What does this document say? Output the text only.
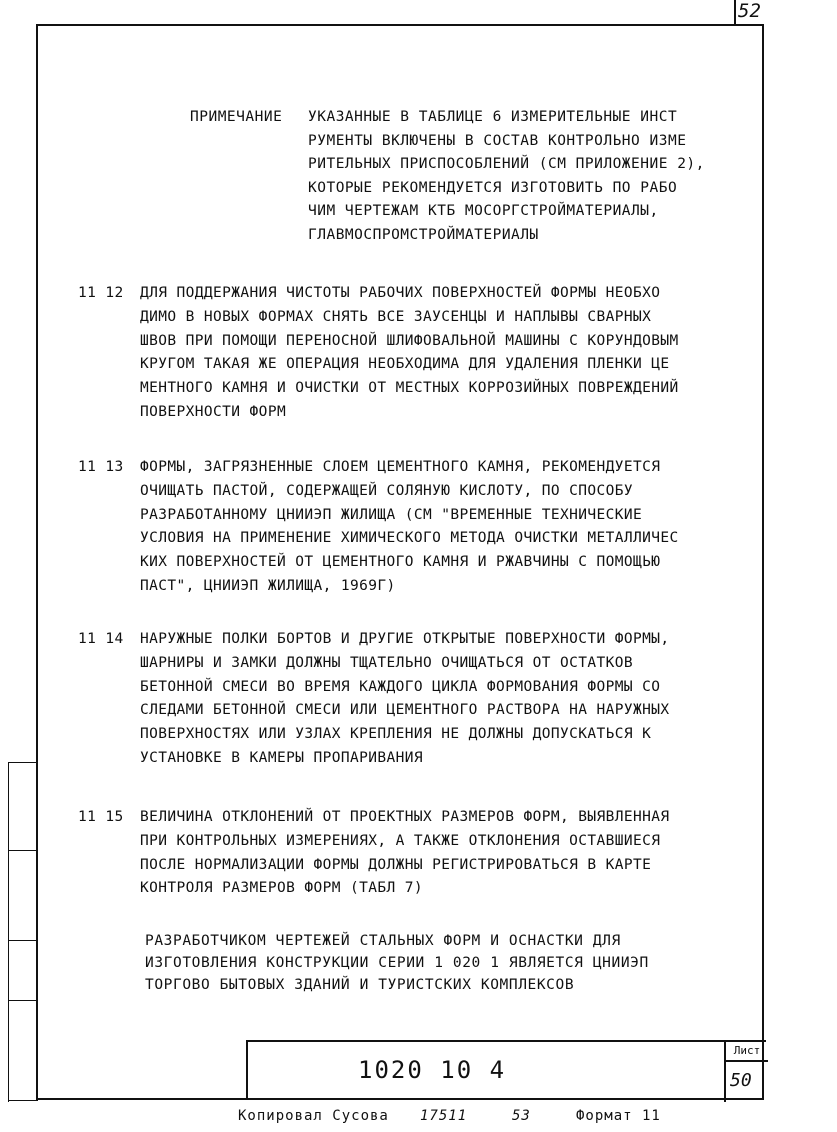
52
ПРИМЕЧАНИЕ УКАЗАННЫЕ В ТАБЛИЦЕ 6 ИЗМЕРИТЕЛЬНЫЕ ИНСТ
РУМЕНТЫ ВКЛЮЧЕНЫ В СОСТАВ КОНТРОЛЬНО ИЗМЕ
РИТЕЛЬНЫХ ПРИСПОСОБЛЕНИЙ (СМ ПРИЛОЖЕНИЕ 2),
КОТОРЫЕ РЕКОМЕНДУЕТСЯ ИЗГОТОВИТЬ ПО РАБО
ЧИМ ЧЕРТЕЖАМ КТБ МОСОРГСТРОЙМАТЕРИАЛЫ,
ГЛАВМОСПРОМСТРОЙМАТЕРИАЛЫ
11 12	ДЛЯ ПОДДЕРЖАНИЯ ЧИСТОТЫ РАБОЧИХ ПОВЕРХНОСТЕЙ ФОРМЫ НЕОБХО
ДИМО В НОВЫХ ФОРМАХ СНЯТЬ ВСЕ ЗАУСЕНЦЫ И НАПЛЫВЫ СВАРНЫХ
ШВОВ ПРИ ПОМОЩИ ПЕРЕНОСНОЙ ШЛИФОВАЛЬНОЙ МАШИНЫ С КОРУНДОВЫМ
КРУГОМ ТАКАЯ ЖЕ ОПЕРАЦИЯ НЕОБХОДИМА ДЛЯ УДАЛЕНИЯ ПЛЕНКИ ЦЕ
МЕНТНОГО КАМНЯ И ОЧИСТКИ ОТ МЕСТНЫХ КОРРОЗИЙНЫХ ПОВРЕЖДЕНИЙ
ПОВЕРХНОСТИ ФОРМ
11 13	ФОРМЫ, ЗАГРЯЗНЕННЫЕ СЛОЕМ ЦЕМЕНТНОГО КАМНЯ, РЕКОМЕНДУЕТСЯ
ОЧИЩАТЬ ПАСТОЙ, СОДЕРЖАЩЕЙ СОЛЯНУЮ КИСЛОТУ, ПО СПОСОБУ
РАЗРАБОТАННОМУ ЦНИИЭП ЖИЛИЩА (СМ "ВРЕМЕННЫЕ ТЕХНИЧЕСКИЕ
УСЛОВИЯ НА ПРИМЕНЕНИЕ ХИМИЧЕСКОГО МЕТОДА ОЧИСТКИ МЕТАЛЛИЧЕС
КИХ ПОВЕРХНОСТЕЙ ОТ ЦЕМЕНТНОГО КАМНЯ И РЖАВЧИНЫ С ПОМОЩЬЮ
ПАСТ", ЦНИИЭП ЖИЛИЩА, 1969Г)
11 14	НАРУЖНЫЕ ПОЛКИ БОРТОВ И ДРУГИЕ ОТКРЫТЫЕ ПОВЕРХНОСТИ ФОРМЫ,
ШАРНИРЫ И ЗАМКИ ДОЛЖНЫ ТЩАТЕЛЬНО ОЧИЩАТЬСЯ ОТ ОСТАТКОВ
БЕТОННОЙ СМЕСИ ВО ВРЕМЯ КАЖДОГО ЦИКЛА ФОРМОВАНИЯ ФОРМЫ СО
СЛЕДАМИ БЕТОННОЙ СМЕСИ ИЛИ ЦЕМЕНТНОГО РАСТВОРА НА НАРУЖНЫХ
ПОВЕРХНОСТЯХ ИЛИ УЗЛАХ КРЕПЛЕНИЯ НЕ ДОЛЖНЫ ДОПУСКАТЬСЯ К
УСТАНОВКЕ В КАМЕРЫ ПРОПАРИВАНИЯ
11 15	ВЕЛИЧИНА ОТКЛОНЕНИЙ ОТ ПРОЕКТНЫХ РАЗМЕРОВ ФОРМ, ВЫЯВЛЕННАЯ
ПРИ КОНТРОЛЬНЫХ ИЗМЕРЕНИЯХ, А ТАКЖЕ ОТКЛОНЕНИЯ ОСТАВШИЕСЯ
ПОСЛЕ НОРМАЛИЗАЦИИ ФОРМЫ ДОЛЖНЫ РЕГИСТРИРОВАТЬСЯ В КАРТЕ
КОНТРОЛЯ РАЗМЕРОВ ФОРМ (ТАБЛ 7)
РАЗРАБОТЧИКОМ ЧЕРТЕЖЕЙ СТАЛЬНЫХ ФОРМ И ОСНАСТКИ ДЛЯ
ИЗГОТОВЛЕНИЯ КОНСТРУКЦИИ СЕРИИ 1 020 1 ЯВЛЯЕТСЯ ЦНИИЭП
ТОРГОВО БЫТОВЫХ ЗДАНИЙ И ТУРИСТСКИХ КОМПЛЕКСОВ
1020 10 4
Лист
50
Копировал Сусова 17511	53	Формат 11
